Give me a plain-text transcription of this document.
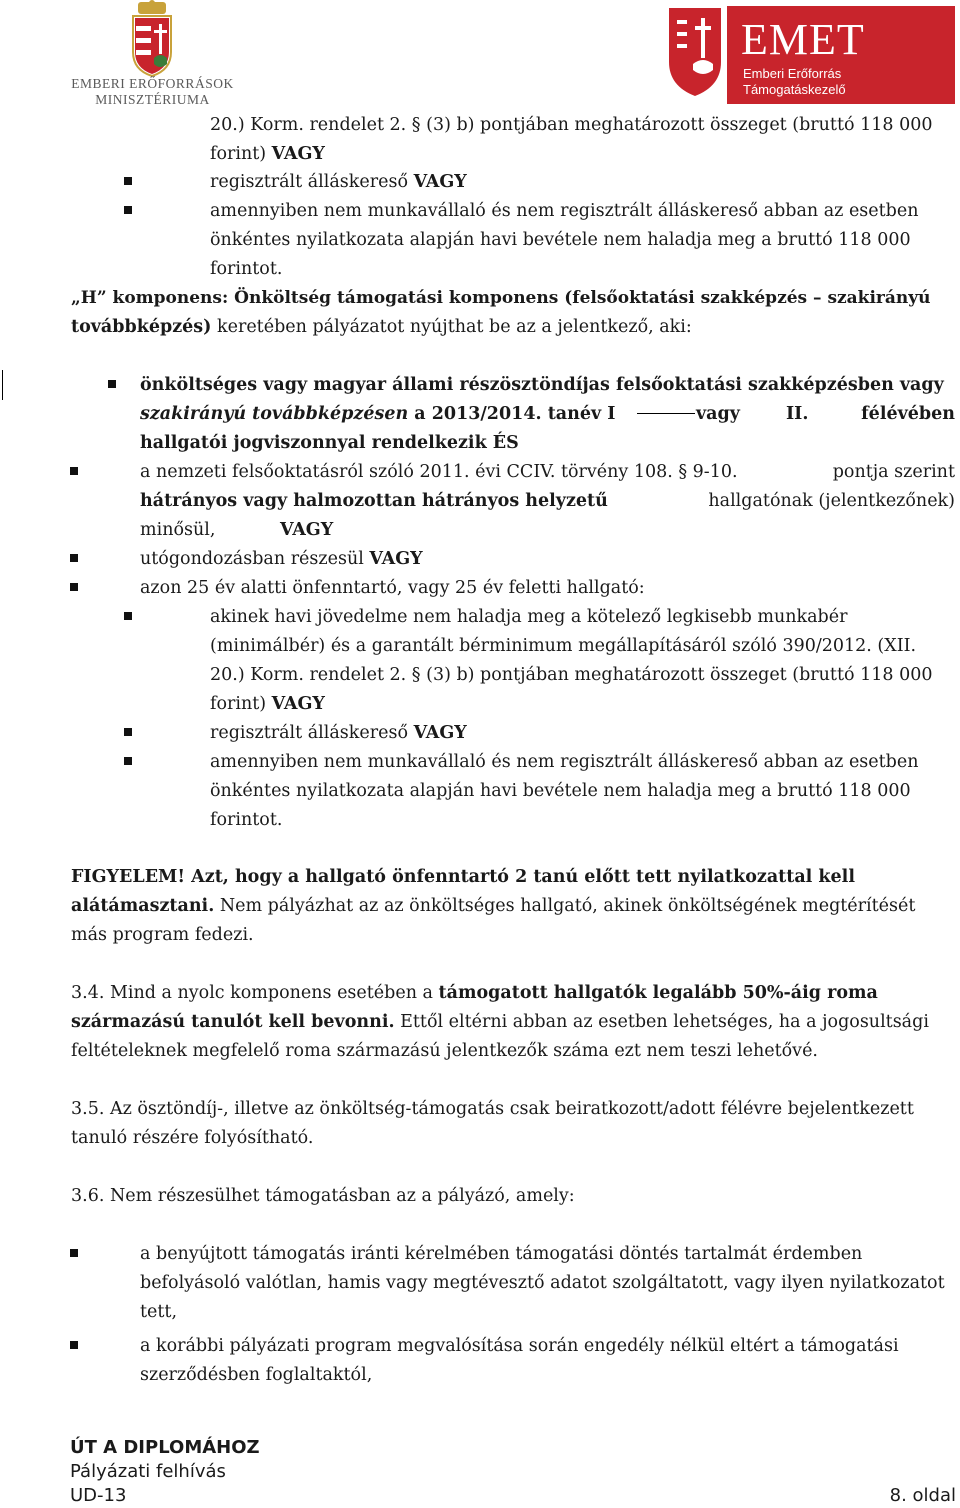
EMBERI ERŐFORRÁSOK
MINISZTÉRIUMA
EMET
Emberi Erőforrás
Támogatáskezelő
20.) Korm. rendelet 2. § (3) b) pontjában meghatározott összeget (bruttó 118 000
forint) VAGY
regisztrált álláskereső VAGY
amennyiben nem munkavállaló és nem regisztrált álláskereső abban az esetben
önkéntes nyilatkozata alapján havi bevétele nem haladja meg a bruttó 118 000
forintot.
„H” komponens: Önköltség támogatási komponens (felsőoktatási szakképzés – szakirányú
továbbképzés) keretében pályázatot nyújthat be az a jelentkező, aki:
önköltséges vagy magyar állami részösztöndíjas felsőoktatási szakképzésben vagy
szakirányú továbbképzésen a 2013/2014. tanév I	vagy	II.	félévében
hallgatói jogviszonnyal rendelkezik ÉS
a nemzeti felsőoktatásról szóló 2011. évi CCIV. törvény 108. § 9-10.	pontja szerint
hátrányos vagy halmozottan hátrányos helyzetű	hallgatónak (jelentkezőnek)
minősül,	VAGY
utógondozásban részesül VAGY
azon 25 év alatti önfenntartó, vagy 25 év feletti hallgató:
akinek havi jövedelme nem haladja meg a kötelező legkisebb munkabér
(minimálbér) és a garantált bérminimum megállapításáról szóló 390/2012. (XII.
20.) Korm. rendelet 2. § (3) b) pontjában meghatározott összeget (bruttó 118 000
forint) VAGY
regisztrált álláskereső VAGY
amennyiben nem munkavállaló és nem regisztrált álláskereső abban az esetben
önkéntes nyilatkozata alapján havi bevétele nem haladja meg a bruttó 118 000
forintot.
FIGYELEM! Azt, hogy a hallgató önfenntartó 2 tanú előtt tett nyilatkozattal kell
alátámasztani. Nem pályázhat az az önköltséges hallgató, akinek önköltségének megtérítését
más program fedezi.
3.4. Mind a nyolc komponens esetében a támogatott hallgatók legalább 50%-áig roma
származású tanulót kell bevonni. Ettől eltérni abban az esetben lehetséges, ha a jogosultsági
feltételeknek megfelelő roma származású jelentkezők száma ezt nem teszi lehetővé.
3.5. Az ösztöndíj-, illetve az önköltség-támogatás csak beiratkozott/adott félévre bejelentkezett
tanuló részére folyósítható.
3.6. Nem részesülhet támogatásban az a pályázó, amely:
a benyújtott támogatás iránti kérelmében támogatási döntés tartalmát érdemben
befolyásoló valótlan, hamis vagy megtévesztő adatot szolgáltatott, vagy ilyen nyilatkozatot
tett,
a korábbi pályázati program megvalósítása során engedély nélkül eltért a támogatási
szerződésben foglaltaktól,
ÚT A DIPLOMÁHOZ
Pályázati felhívás
UD-13	8. oldal
